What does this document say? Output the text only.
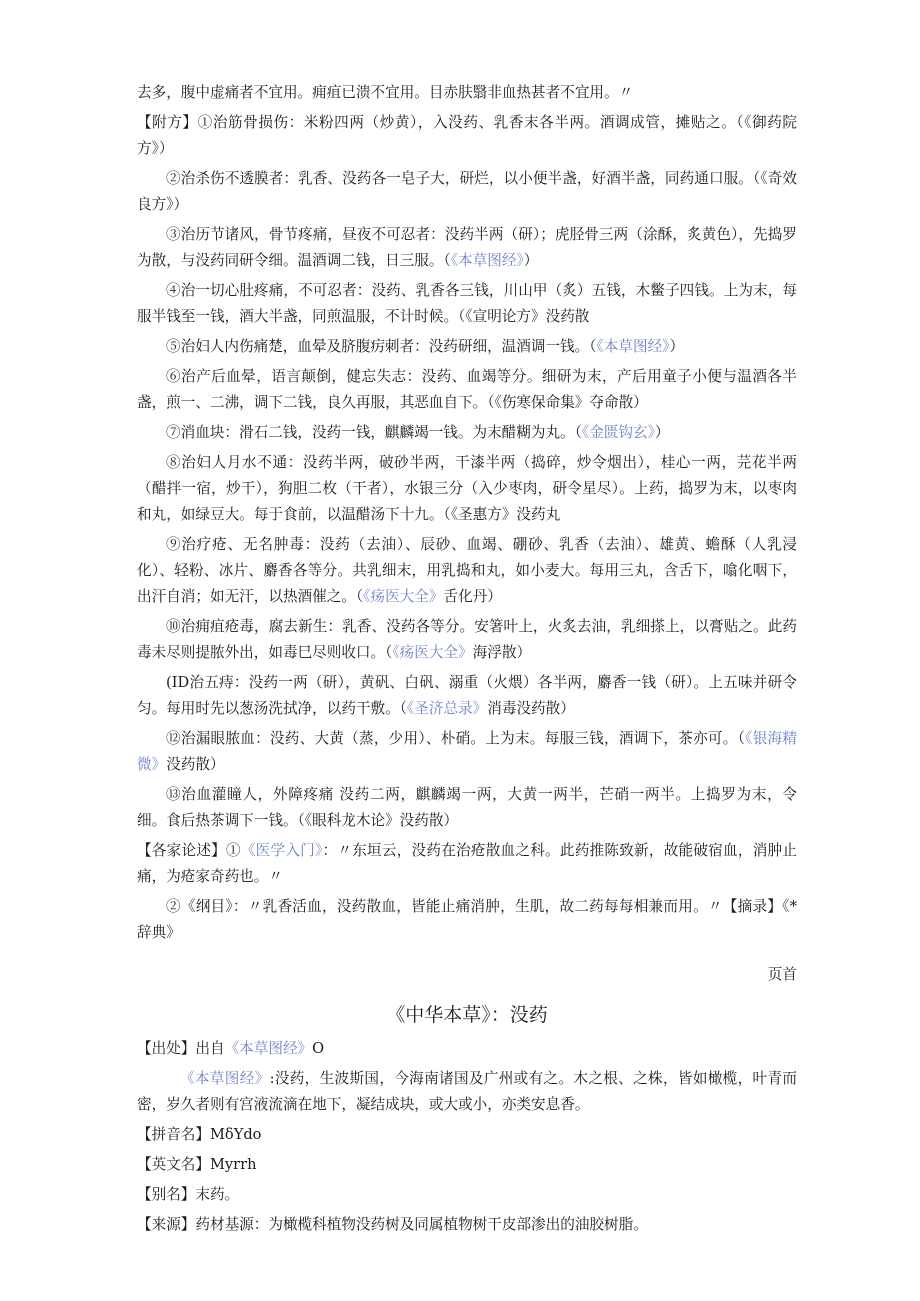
去多，腹中虚痛者不宜用。痈疽已溃不宜用。目赤肤翳非血热甚者不宜用。〃

【附方】①治筋骨损伤：米粉四两（炒黄），入没药、乳香末各半两。酒调成管，摊贴之。（《御药院方》）

②治杀伤不透膜者：乳香、没药各一皂子大，研烂，以小便半盏，好酒半盏，同药通口服。（《奇效良方》）

③治历节诸风，骨节疼痛，昼夜不可忍者：没药半两（研）；虎胫骨三两（涂酥，炙黄色），先捣罗为散，与没药同研令细。温酒调二钱，日三服。（《本草图经》）

④治一切心肚疼痛，不可忍者：没药、乳香各三钱，川山甲（炙）五钱，木鳖子四钱。上为末，每服半钱至一钱，酒大半盏，同煎温服，不计时候。（《宣明论方》没药散

⑤治妇人内伤痛楚，血晕及脐腹疠刺者：没药研细，温酒调一钱。（《本草图经》）

⑥治产后血晕，语言颠倒，健忘失志：没药、血竭等分。细研为末，产后用童子小便与温酒各半盏，煎一、二沸，调下二钱，良久再服，其恶血自下。（《伤寒保命集》夺命散）

⑦消血块：滑石二钱，没药一钱，麒麟竭一钱。为末醋糊为丸。（《金匮钩玄》）

⑧治妇人月水不通：没药半两，破砂半两，干漆半两（捣碎，炒令烟出），桂心一两，芫花半两（醋拌一宿，炒干），狗胆二枚（干者），水银三分（入少枣肉，研令星尽）。上药，捣罗为末，以枣肉和丸，如绿豆大。每于食前，以温醋汤下十九。（《圣惠方》没药丸

⑨治疗疮、无名肿毒：没药（去油）、辰砂、血竭、硼砂、乳香（去油）、雄黄、蟾酥（人乳浸化）、轻粉、冰片、麝香各等分。共乳细末，用乳捣和丸，如小麦大。每用三丸，含舌下，噏化咽下，出汗自消；如无汗，以热酒催之。（《疡医大全》舌化丹）

⑩治痈疽疮毒，腐去新生：乳香、没药各等分。安箸叶上，火炙去油，乳细搽上，以膏贴之。此药毒未尽则提脓外出，如毒巳尽则收口。（《疡医大全》海浮散）

(ID治五痔：没药一两（研），黄矾、白矾、溺重（火煨）各半两，麝香一钱（研）。上五味并研令匀。每用时先以葱汤洗拭净，以药干敷。（《圣济总录》消毒没药散）

⑫治漏眼脓血：没药、大黄（蒸，少用）、朴硝。上为末。每服三钱，酒调下，茶亦可。（《银海精微》没药散）

⑬治血灌瞳人，外障疼痛 没药二两，麒麟竭一两，大黄一两半，芒硝一两半。上捣罗为末，令细。食后热茶调下一钱。（《眼科龙木论》没药散）

【各家论述】①《医学入门》：〃东垣云，没药在治疮散血之科。此药推陈致新，故能破宿血，消肿止痛，为疮家奇药也。〃

②《纲目》：〃乳香活血，没药散血，皆能止痛消肿，生肌，故二药每每相兼而用。〃【摘录】《*辞典》

页首

《中华本草》：没药

【出处】出自《本草图经》O

《本草图经》:没药，生波斯国，今海南诸国及广州或有之。木之根、之株，皆如橄榄，叶青而密，岁久者则有宫液流滴在地下，凝结成块，或大或小，亦类安息香。

【拼音名】MδYdo

【英文名】Myrrh

【别名】末药。

【来源】药材基源：为橄榄科植物没药树及同属植物树干皮部渗出的油胶树脂。
